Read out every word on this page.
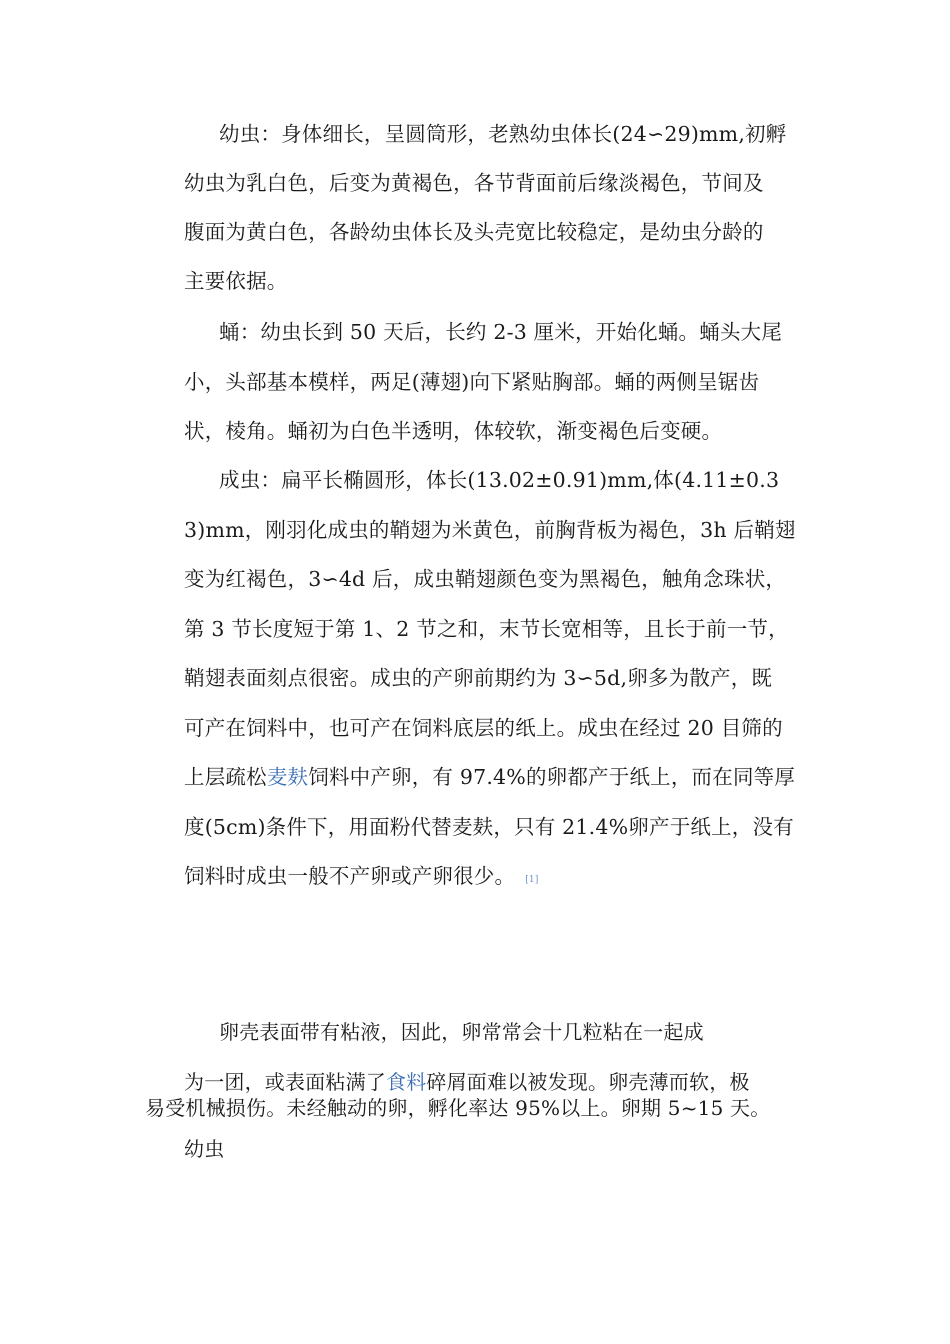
幼虫：身体细长，呈圆筒形，老熟幼虫体长(24∽29)mm,初孵
幼虫为乳白色，后变为黄褐色，各节背面前后缘淡褐色，节间及
腹面为黄白色，各龄幼虫体长及头壳宽比较稳定，是幼虫分龄的
主要依据。
蛹：幼虫长到 50 天后，长约 2-3 厘米，开始化蛹。蛹头大尾
小，头部基本模样，两足(薄翅)向下紧贴胸部。蛹的两侧呈锯齿
状，棱角。蛹初为白色半透明，体较软，渐变褐色后变硬。
成虫：扁平长椭圆形，体长(13.02±0.91)mm,体(4.11±0.3
3)mm，刚羽化成虫的鞘翅为米黄色，前胸背板为褐色，3h 后鞘翅
变为红褐色，3∽4d 后，成虫鞘翅颜色变为黑褐色，触角念珠状，
第 3 节长度短于第 1、2 节之和，末节长宽相等，且长于前一节，
鞘翅表面刻点很密。成虫的产卵前期约为 3∽5d,卵多为散产，既
可产在饲料中，也可产在饲料底层的纸上。成虫在经过 20 目筛的
上层疏松麦麸饲料中产卵，有 97.4%的卵都产于纸上，而在同等厚
度(5cm)条件下，用面粉代替麦麸，只有 21.4%卵产于纸上，没有
饲料时成虫一般不产卵或产卵很少。 [1]
卵壳表面带有粘液，因此，卵常常会十几粒粘在一起成
为一团，或表面粘满了食料碎屑面难以被发现。卵壳薄而软，极
易受机械损伤。未经触动的卵，孵化率达 95%以上。卵期 5~15 天。
幼虫
